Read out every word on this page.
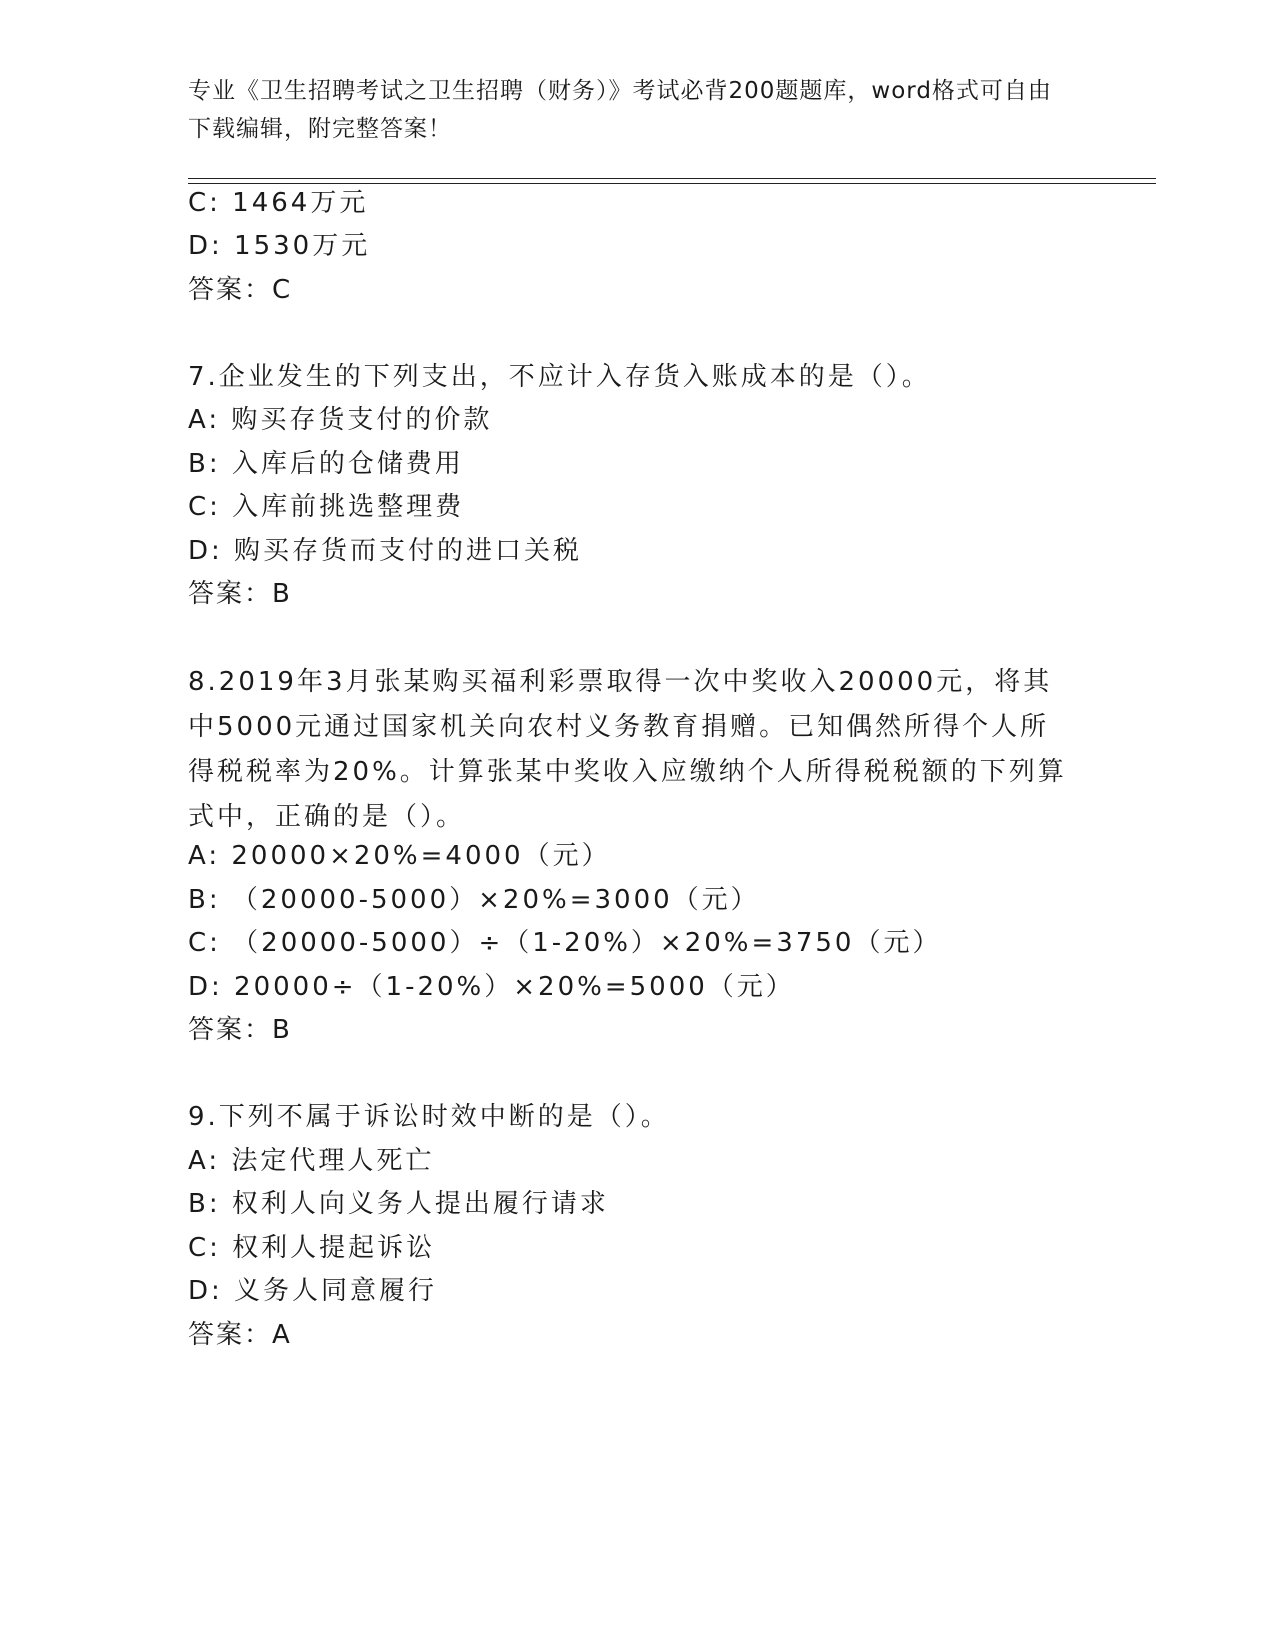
专业《卫生招聘考试之卫生招聘（财务）》考试必背200题题库，word格式可自由下载编辑，附完整答案！
C: 1464万元
D: 1530万元
答案：C
7.企业发生的下列支出，不应计入存货入账成本的是（）。
A: 购买存货支付的价款
B: 入库后的仓储费用
C: 入库前挑选整理费
D: 购买存货而支付的进口关税
答案：B
8.2019年3月张某购买福利彩票取得一次中奖收入20000元，将其中5000元通过国家机关向农村义务教育捐赠。已知偶然所得个人所得税税率为20%。计算张某中奖收入应缴纳个人所得税税额的下列算式中，正确的是（）。
A: 20000×20%=4000（元）
B: （20000-5000）×20%=3000（元）
C: （20000-5000）÷（1-20%）×20%=3750（元）
D: 20000÷（1-20%）×20%=5000（元）
答案：B
9.下列不属于诉讼时效中断的是（）。
A: 法定代理人死亡
B: 权利人向义务人提出履行请求
C: 权利人提起诉讼
D: 义务人同意履行
答案：A
